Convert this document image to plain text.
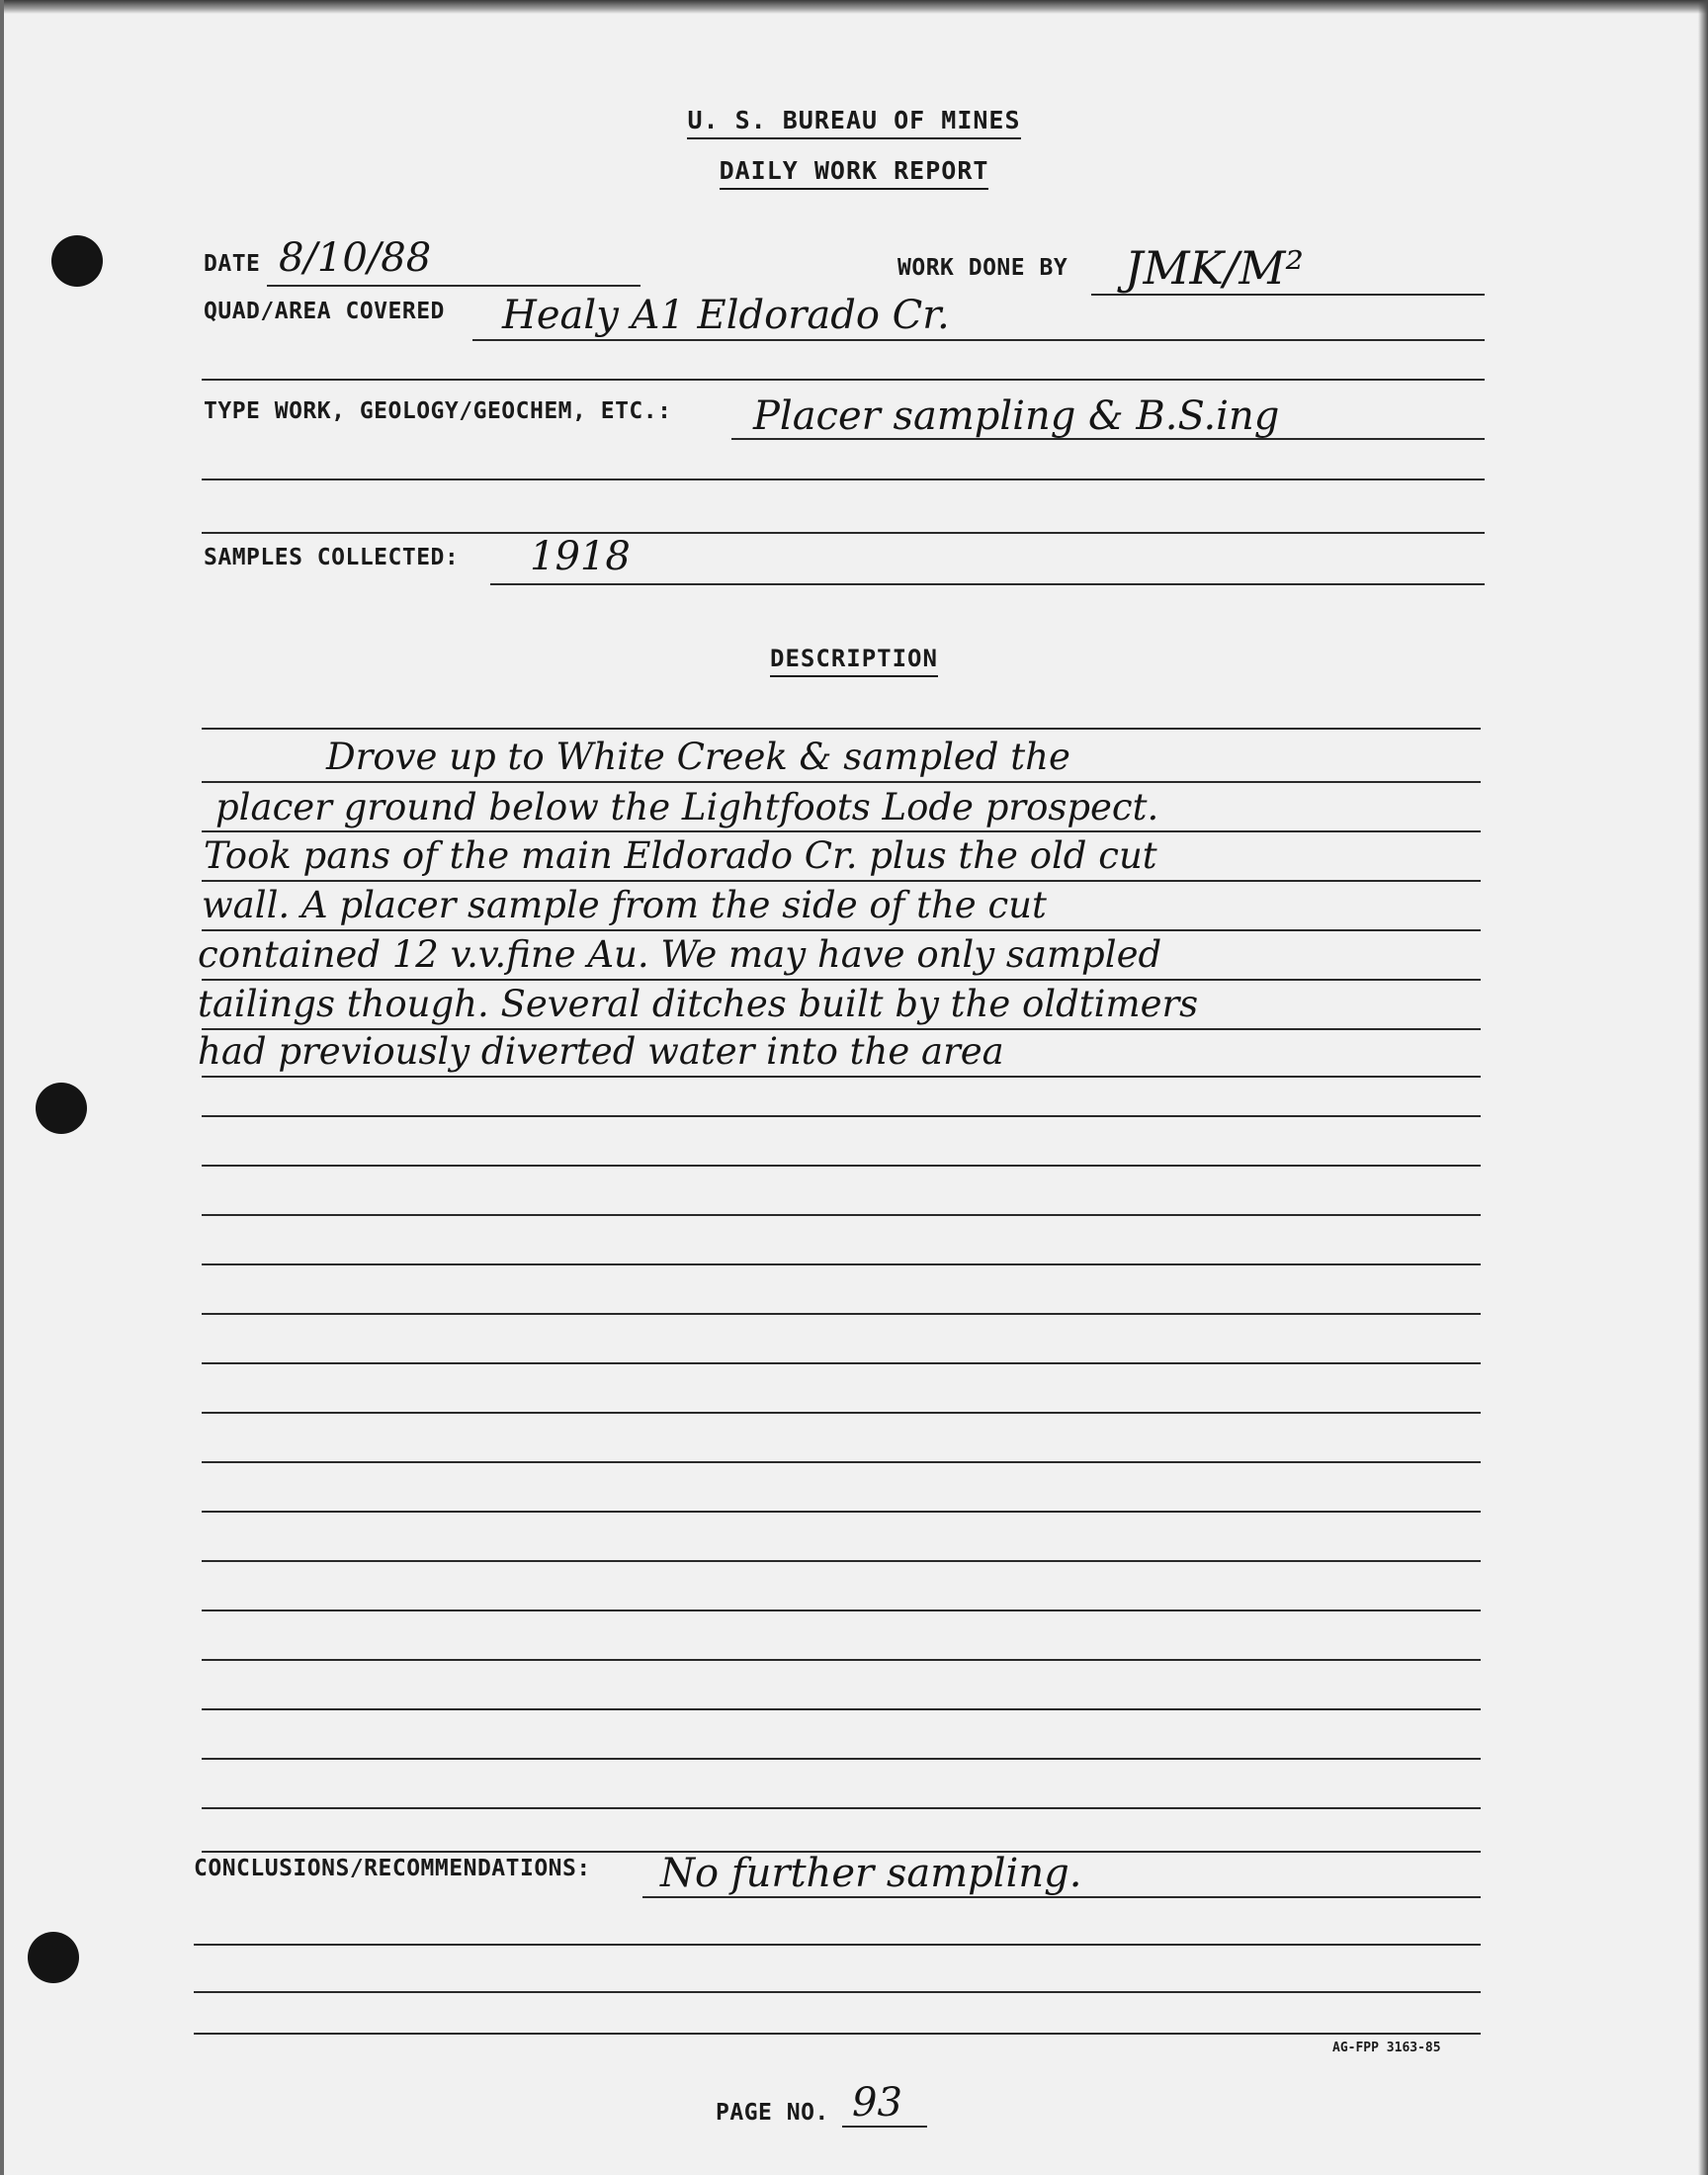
U. S. BUREAU OF MINES
DAILY WORK REPORT
DATE 8/10/88	WORK DONE BY JMK/M²
QUAD/AREA COVERED Healy A1 Eldorado Cr.
TYPE WORK, GEOLOGY/GEOCHEM, ETC.: Placer sampling & B.S.ing
SAMPLES COLLECTED: 1918
DESCRIPTION
Drove up to White Creek & sampled the
placer ground below the Lightfoots Lode prospect.
Took pans of the main Eldorado Cr. plus the old cut
wall. A placer sample from the side of the cut
contained 12 v.v.fine Au. We may have only sampled
tailings though. Several ditches built by the oldtimers
had previously diverted water into the area
CONCLUSIONS/RECOMMENDATIONS: No further sampling.
AG-FPP 3163-85
PAGE NO. 93
